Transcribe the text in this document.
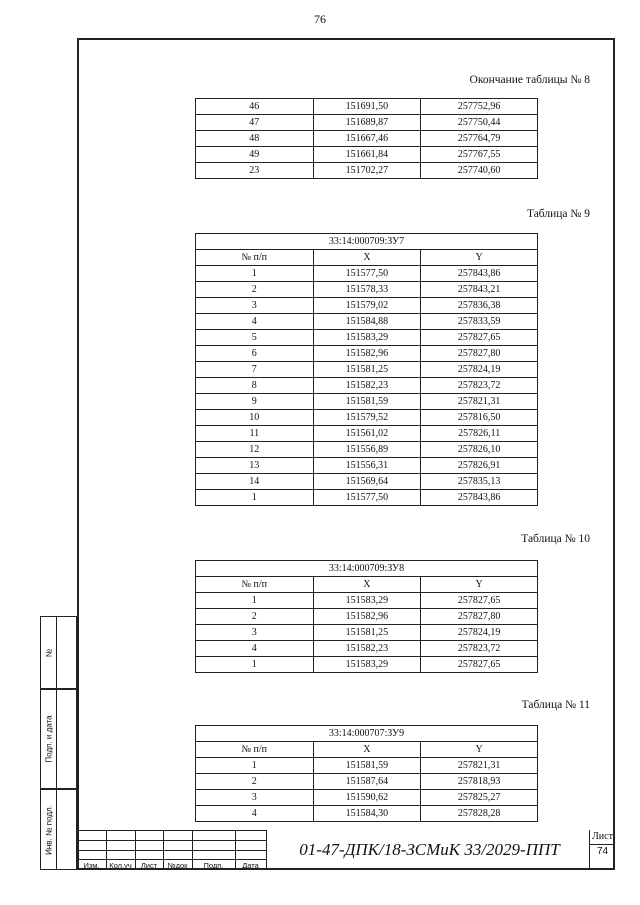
76
№
Подп. и дата
Инв. № подл.
Окончание таблицы № 8
46	151691,50	257752,96
47	151689,87	257750,44
48	151667,46	257764,79
49	151661,84	257767,55
23	151702,27	257740,60
Таблица № 9
33:14:000709:ЗУ7		
№ п/п	X	Y
1	151577,50	257843,86
2	151578,33	257843,21
3	151579,02	257836,38
4	151584,88	257833,59
5	151583,29	257827,65
6	151582,96	257827,80
7	151581,25	257824,19
8	151582,23	257823,72
9	151581,59	257821,31
10	151579,52	257816,50
11	151561,02	257826,11
12	151556,89	257826,10
13	151556,31	257826,91
14	151569,64	257835,13
1	151577,50	257843,86
Таблица № 10
33:14:000709:ЗУ8		
№ п/п	X	Y
1	151583,29	257827,65
2	151582,96	257827,80
3	151581,25	257824,19
4	151582,23	257823,72
1	151583,29	257827,65
Таблица № 11
33:14:000707:ЗУ9		
№ п/п	X	Y
1	151581,59	257821,31
2	151587,64	257818,93
3	151590,62	257825,27
4	151584,30	257828,28
Изм.	Кол.уч	Лист	№док	Подп.	Дата
01-47-ДПК/18-ЗСМиК 33/2029-ППТ
Лист
74
